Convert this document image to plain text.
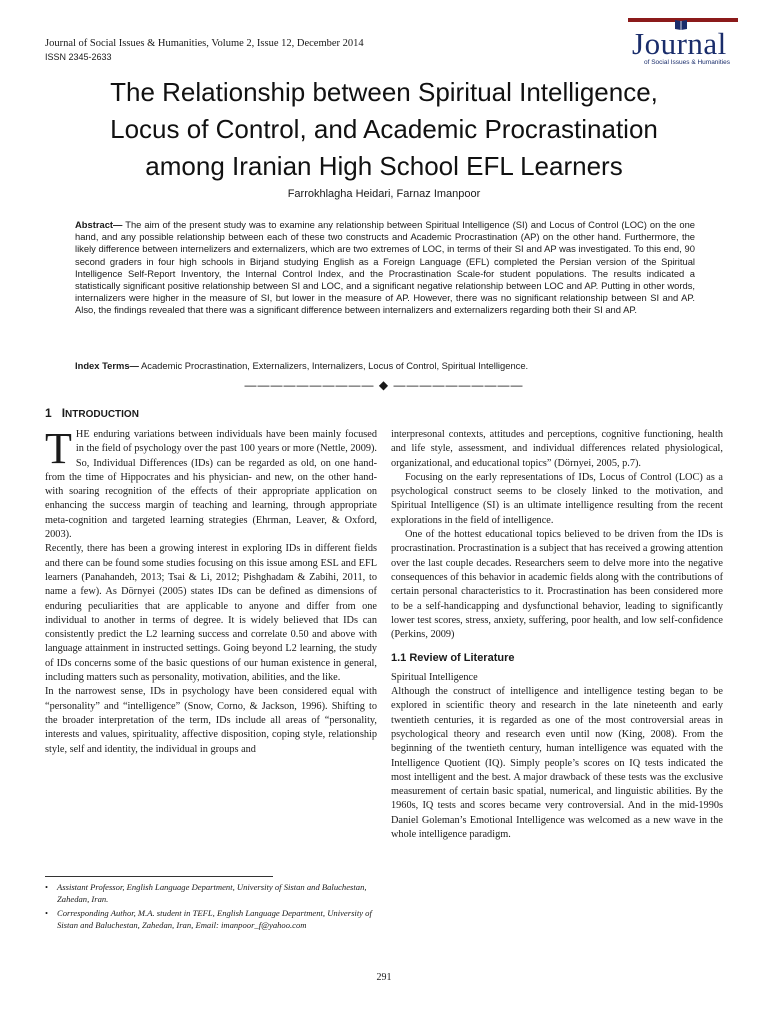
Journal of Social Issues & Humanities, Volume 2, Issue 12, December 2014
ISSN 2345-2633	Journal
of Social Issues & Humanities
The Relationship between Spiritual Intelligence,
Locus of Control, and Academic Procrastination
among Iranian High School EFL Learners
Farrokhlagha Heidari, Farnaz Imanpoor
Abstract— The aim of the present study was to examine any relationship between Spiritual Intelligence (SI) and Locus of Control (LOC) on the one hand, and any possible relationship between each of these two constructs and Academic Procrastination (AP) on the other hand. Furthermore, the likely difference between internelizers and externalizers, which are two extremes of LOC, in terms of their SI and AP was investigated. To this end, 90 second graders in four high schools in Birjand studying English as a Foreign Language (EFL) completed the Persian version of the Spiritual Intelligence Self-Report Inventory, the Internal Control Index, and the Procrastination Scale-for student populations. The results indicated a statistically significant positive relationship between SI and LOC, and a significant negative relationship between LOC and AP. Putting in other words, internalizers were higher in the measure of SI, but lower in the measure of AP. However, there was no significant relationship between SI and AP. Also, the findings revealed that there was a significant difference between internalizers and externalizers regarding both their SI and AP.
Index Terms— Academic Procrastination, Externalizers, Internalizers, Locus of Control, Spiritual Intelligence.
—————————— ◆ ——————————
1 INTRODUCTION

THE enduring variations between individuals have been mainly focused in the field of psychology over the past 100 years or more (Nettle, 2009). So, Individual Differences (IDs) can be regarded as old, on one hand- from the time of Hippocrates and his physician- and new, on the other hand- with soaring recognition of the effects of their appropriate application on enhancing the success margin of teaching and learning, through appropriate meta-cognition and targeted learning strategies (Ehrman, Leaver, & Oxford, 2003).

Recently, there has been a growing interest in exploring IDs in different fields and there can be found some studies focusing on this issue among ESL and EFL learners (Panahandeh, 2013; Tsai & Li, 2012; Pishghadam & Zabihi, 2011, to name a few). As Dörnyei (2005) states IDs can be defined as dimensions of enduring peculiarities that are applicable to anyone and differ from one individual to another in terms of degree. It is widely believed that IDs can consistently predict the L2 learning success and correlate 0.50 and above with language attainment in instructed settings. Going beyond L2 learning, the study of IDs concerns some of the basic questions of our human existence in general, including matters such as personality, motivation, abilities, and the like.

In the narrowest sense, IDs in psychology have been considered equal with “personality” and “intelligence” (Snow, Corno, & Jackson, 1996). Shifting to the broader interpretation of the term, IDs include all areas of “personality, interests and values, spirituality, affective disposition, coping style, relationship style, self and identity, the individual in groups and

interpresonal contexts, attitudes and perceptions, cognitive functioning, health and life style, assessment, and individual differences related physiological, organizational, and educational topics” (Dörnyei, 2005, p.7).

Focusing on the early representations of IDs, Locus of Control (LOC) as a psychological construct seems to be closely linked to the motivation, and Spiritual Intelligence (SI) is an ultimate intelligence resulting from the recent explorations in the field of intelligence.

One of the hottest educational topics believed to be driven from the IDs is procrastination. Procrastination is a subject that has received a growing attention over the last couple decades. Researchers seem to delve more into the negative consequences of this behavior in academic fields along with the contributions of certain personal characteristics to it. Procrastination has been considered more to be a self-handicapping and dysfunctional behavior, leading to significantly lower test scores, stress, anxiety, suffering, poor health, and low self-confidence (Perkins, 2009)

1.1 Review of Literature

Spiritual Intelligence

Although the construct of intelligence and intelligence testing began to be explored in scientific theory and research in the late nineteenth and early twentieth centuries, it is regarded as one of the most controversial areas in psychological theory and research even until now (King, 2008). From the beginning of the twentieth century, human intelligence was equated with the Intelligence Quotient (IQ). Simply people’s scores on IQ tests indicated the most intelligent and the best. A major drawback of these tests was the exclusive measurement of certain basic spatial, numerical, and linguistic abilities. By the 1960s, IQ tests and scores became very controversial. And in the mid-1990s Daniel Goleman’s Emotional Intelligence was welcomed as a new wave in the whole intelligence paradigm.

• Assistant Professor, English Language Department, University of Sistan and Baluchestan, Zahedan, Iran.
• Corresponding Author, M.A. student in TEFL, English Language Department, University of Sistan and Baluchestan, Zahedan, Iran, Email: imanpoor_f@yahoo.com
291
